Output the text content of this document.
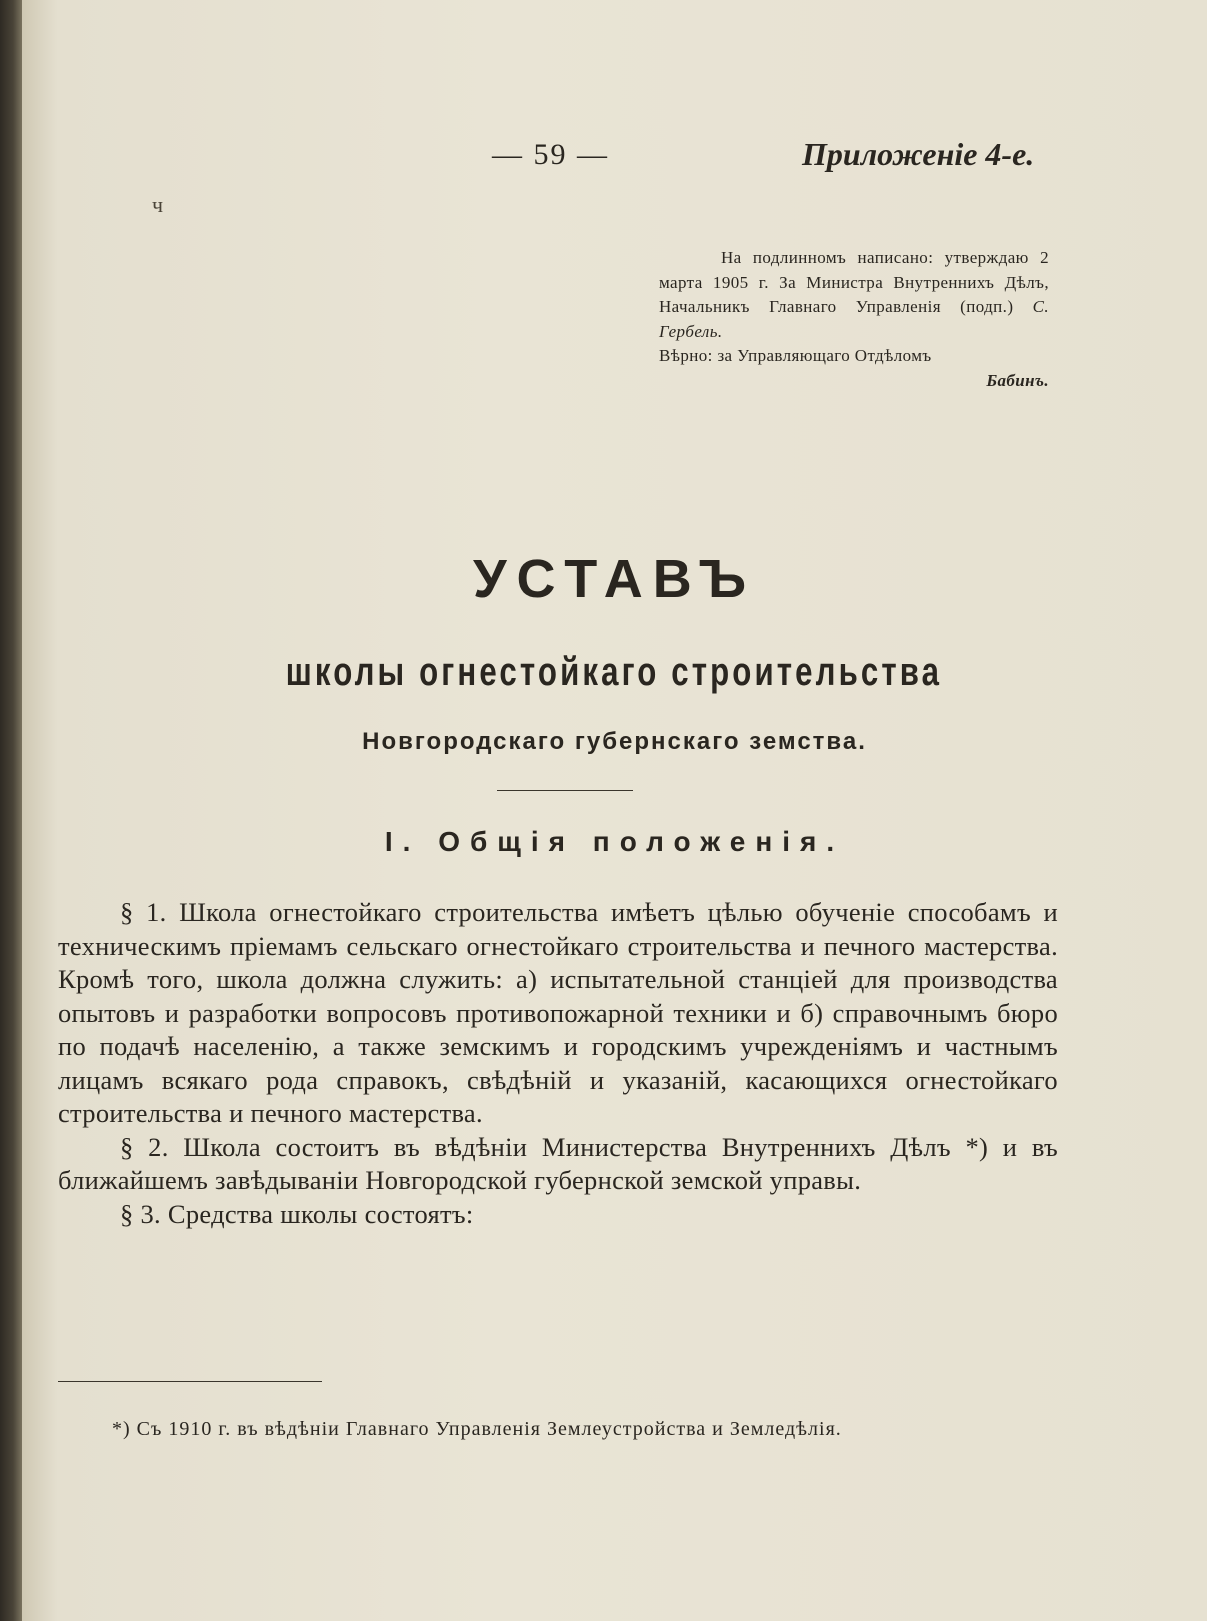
— 59 —	Приложеніе 4-е.
ч
На подлинномъ написано: утверждаю 2 марта 1905 г. За Министра Внутреннихъ Дѣлъ, Начальникъ Главнаго Управленія (подп.) С. Гербель.
Вѣрно: за Управляющаго Отдѣломъ
Бабинъ.
УСТАВЪ
школы огнестойкаго строительства
Новгородскаго губернскаго земства.
I. Общія положенія.

§ 1. Школа огнестойкаго строительства имѣетъ цѣлью обученіе способамъ и техническимъ пріемамъ сельскаго огнестойкаго строительства и печного мастерства. Кромѣ того, школа должна служить: а) испытательной станціей для производства опытовъ и разработки вопросовъ противопожарной техники и б) справочнымъ бюро по подачѣ населенію, а также земскимъ и городскимъ учрежденіямъ и частнымъ лицамъ всякаго рода справокъ, свѣдѣній и указаній, касающихся огнестойкаго строительства и печного мастерства.

§ 2. Школа состоитъ въ вѣдѣніи Министерства Внутреннихъ Дѣлъ *) и въ ближайшемъ завѣдываніи Новгородской губернской земской управы.

§ 3. Средства школы состоятъ:

*) Съ 1910 г. въ вѣдѣніи Главнаго Управленія Землеустройства и Земледѣлія.
